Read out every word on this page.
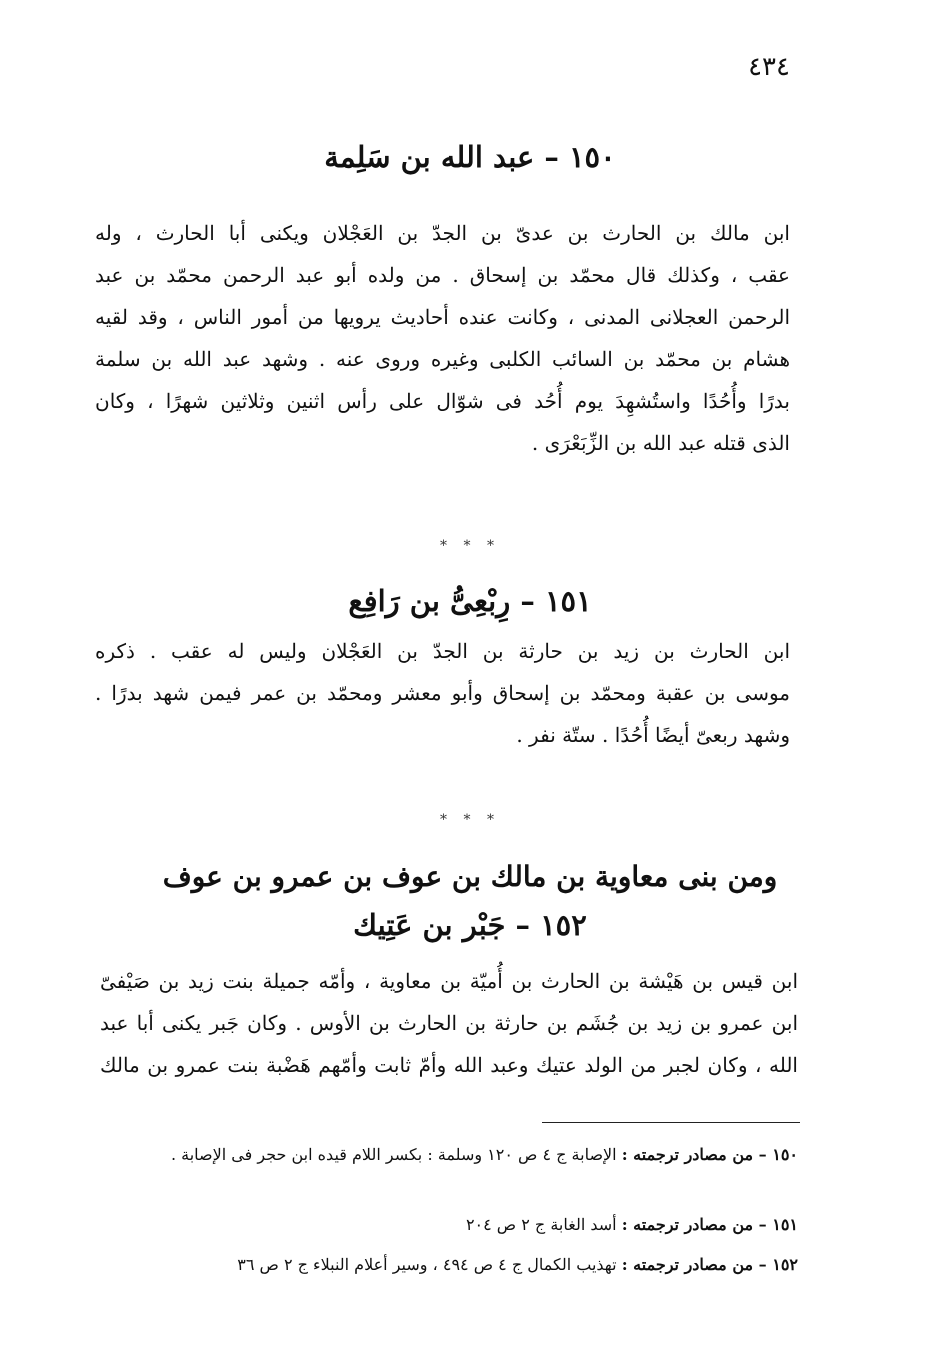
٤٣٤
١٥٠ – عبد الله بن سَلِمة
ابن مالك بن الحارث بن عدىّ بن الجدّ بن العَجْلان ويكنى أبا الحارث ، وله
عقب ، وكذلك قال محمّد بن إسحاق . من ولده أبو عبد الرحمن محمّد بن عبد
الرحمن العجلانى المدنى ، وكانت عنده أحاديث يرويها من أمور الناس ، وقد لقيه
هشام بن محمّد بن السائب الكلبى وغيره وروى عنه . وشهد عبد الله بن سلمة
بدرًا وأُحُدًا واستُشهِدَ يوم أُحُد فى شوّال على رأس اثنين وثلاثين شهرًا ، وكان
الذى قتله عبد الله بن الزِّبَعْرَى .
* * *
١٥١ – رِبْعِىُّ بن رَافِع
ابن الحارث بن زيد بن حارثة بن الجدّ بن العَجْلان وليس له عقب . ذكره
موسى بن عقبة ومحمّد بن إسحاق وأبو معشر ومحمّد بن عمر فيمن شهد بدرًا .
وشهد ربعىّ أيضًا أُحُدًا . ستّة نفر .
* * *
ومن بنى معاوية بن مالك بن عوف بن عمرو بن عوف
١٥٢ – جَبْر بن عَتِيك
ابن قيس بن هَيْشة بن الحارث بن أُميّة بن معاوية ، وأمّه جميلة بنت زيد بن صَيْفىّ
ابن عمرو بن زيد بن جُشَم بن حارثة بن الحارث بن الأوس . وكان جَبر يكنى أبا عبد
الله ، وكان لجبر من الولد عتيك وعبد الله وأمّ ثابت وأمّهم هَضْبة بنت عمرو بن مالك

١٥٠ – من مصادر ترجمته : الإصابة ج ٤ ص ١٢٠ وسلمة : بكسر اللام قيده ابن حجر فى الإصابة .

١٥١ – من مصادر ترجمته : أسد الغابة ج ٢ ص ٢٠٤

١٥٢ – من مصادر ترجمته : تهذيب الكمال ج ٤ ص ٤٩٤ ، وسير أعلام النبلاء ج ٢ ص ٣٦
